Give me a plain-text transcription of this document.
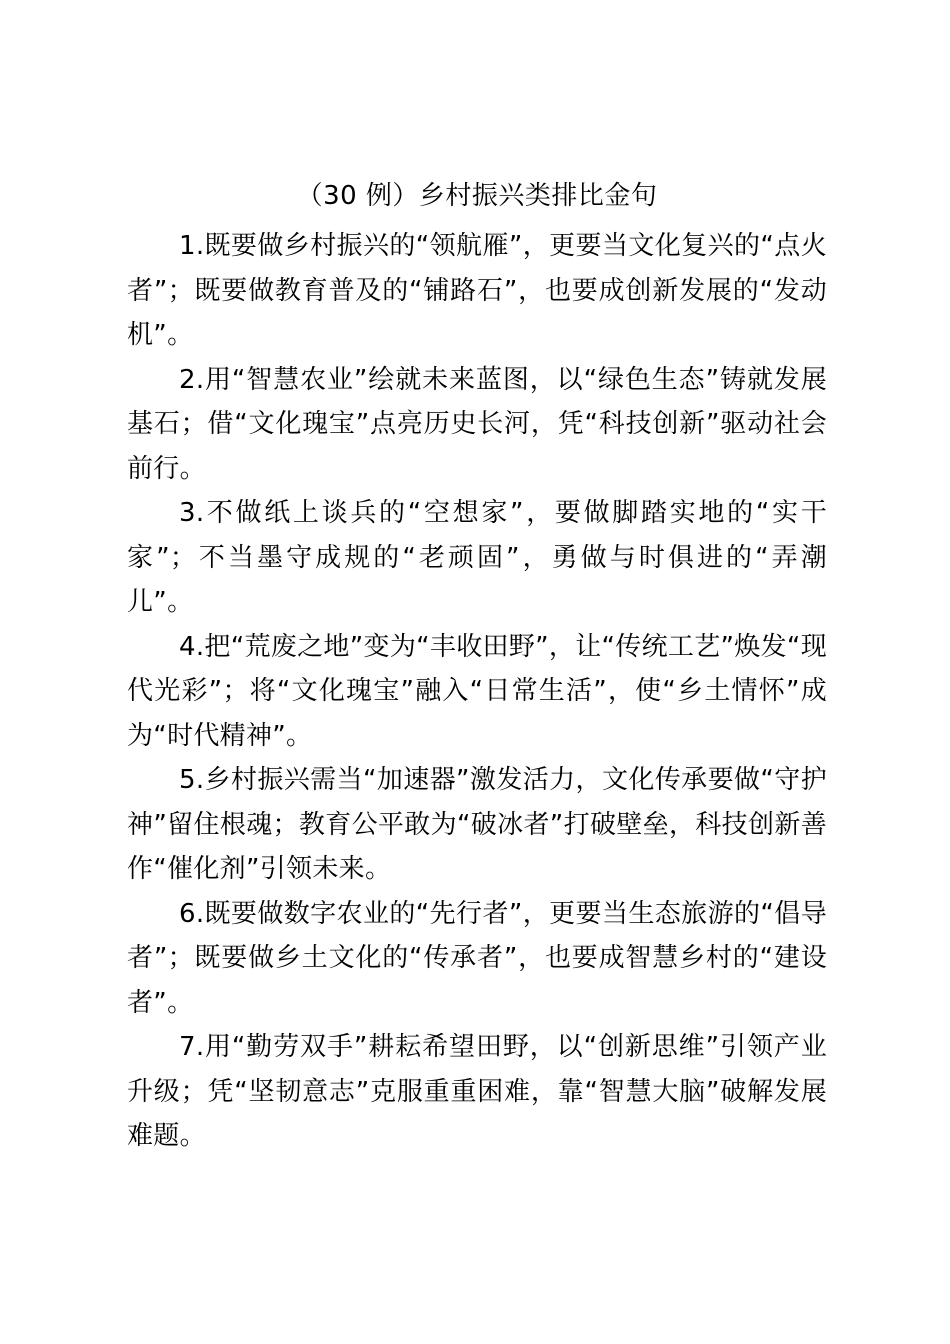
（30 例）乡村振兴类排比金句

1.既要做乡村振兴的“领航雁”，更要当文化复兴的“点火者”；既要做教育普及的“铺路石”，也要成创新发展的“发动机”。

2.用“智慧农业”绘就未来蓝图，以“绿色生态”铸就发展基石；借“文化瑰宝”点亮历史长河，凭“科技创新”驱动社会前行。

3.不做纸上谈兵的“空想家”，要做脚踏实地的“实干家”；不当墨守成规的“老顽固”，勇做与时俱进的“弄潮儿”。

4.把“荒废之地”变为“丰收田野”，让“传统工艺”焕发“现代光彩”；将“文化瑰宝”融入“日常生活”，使“乡土情怀”成为“时代精神”。

5.乡村振兴需当“加速器”激发活力，文化传承要做“守护神”留住根魂；教育公平敢为“破冰者”打破壁垒，科技创新善作“催化剂”引领未来。

6.既要做数字农业的“先行者”，更要当生态旅游的“倡导者”；既要做乡土文化的“传承者”，也要成智慧乡村的“建设者”。

7.用“勤劳双手”耕耘希望田野，以“创新思维”引领产业升级；凭“坚韧意志”克服重重困难，靠“智慧大脑”破解发展难题。
